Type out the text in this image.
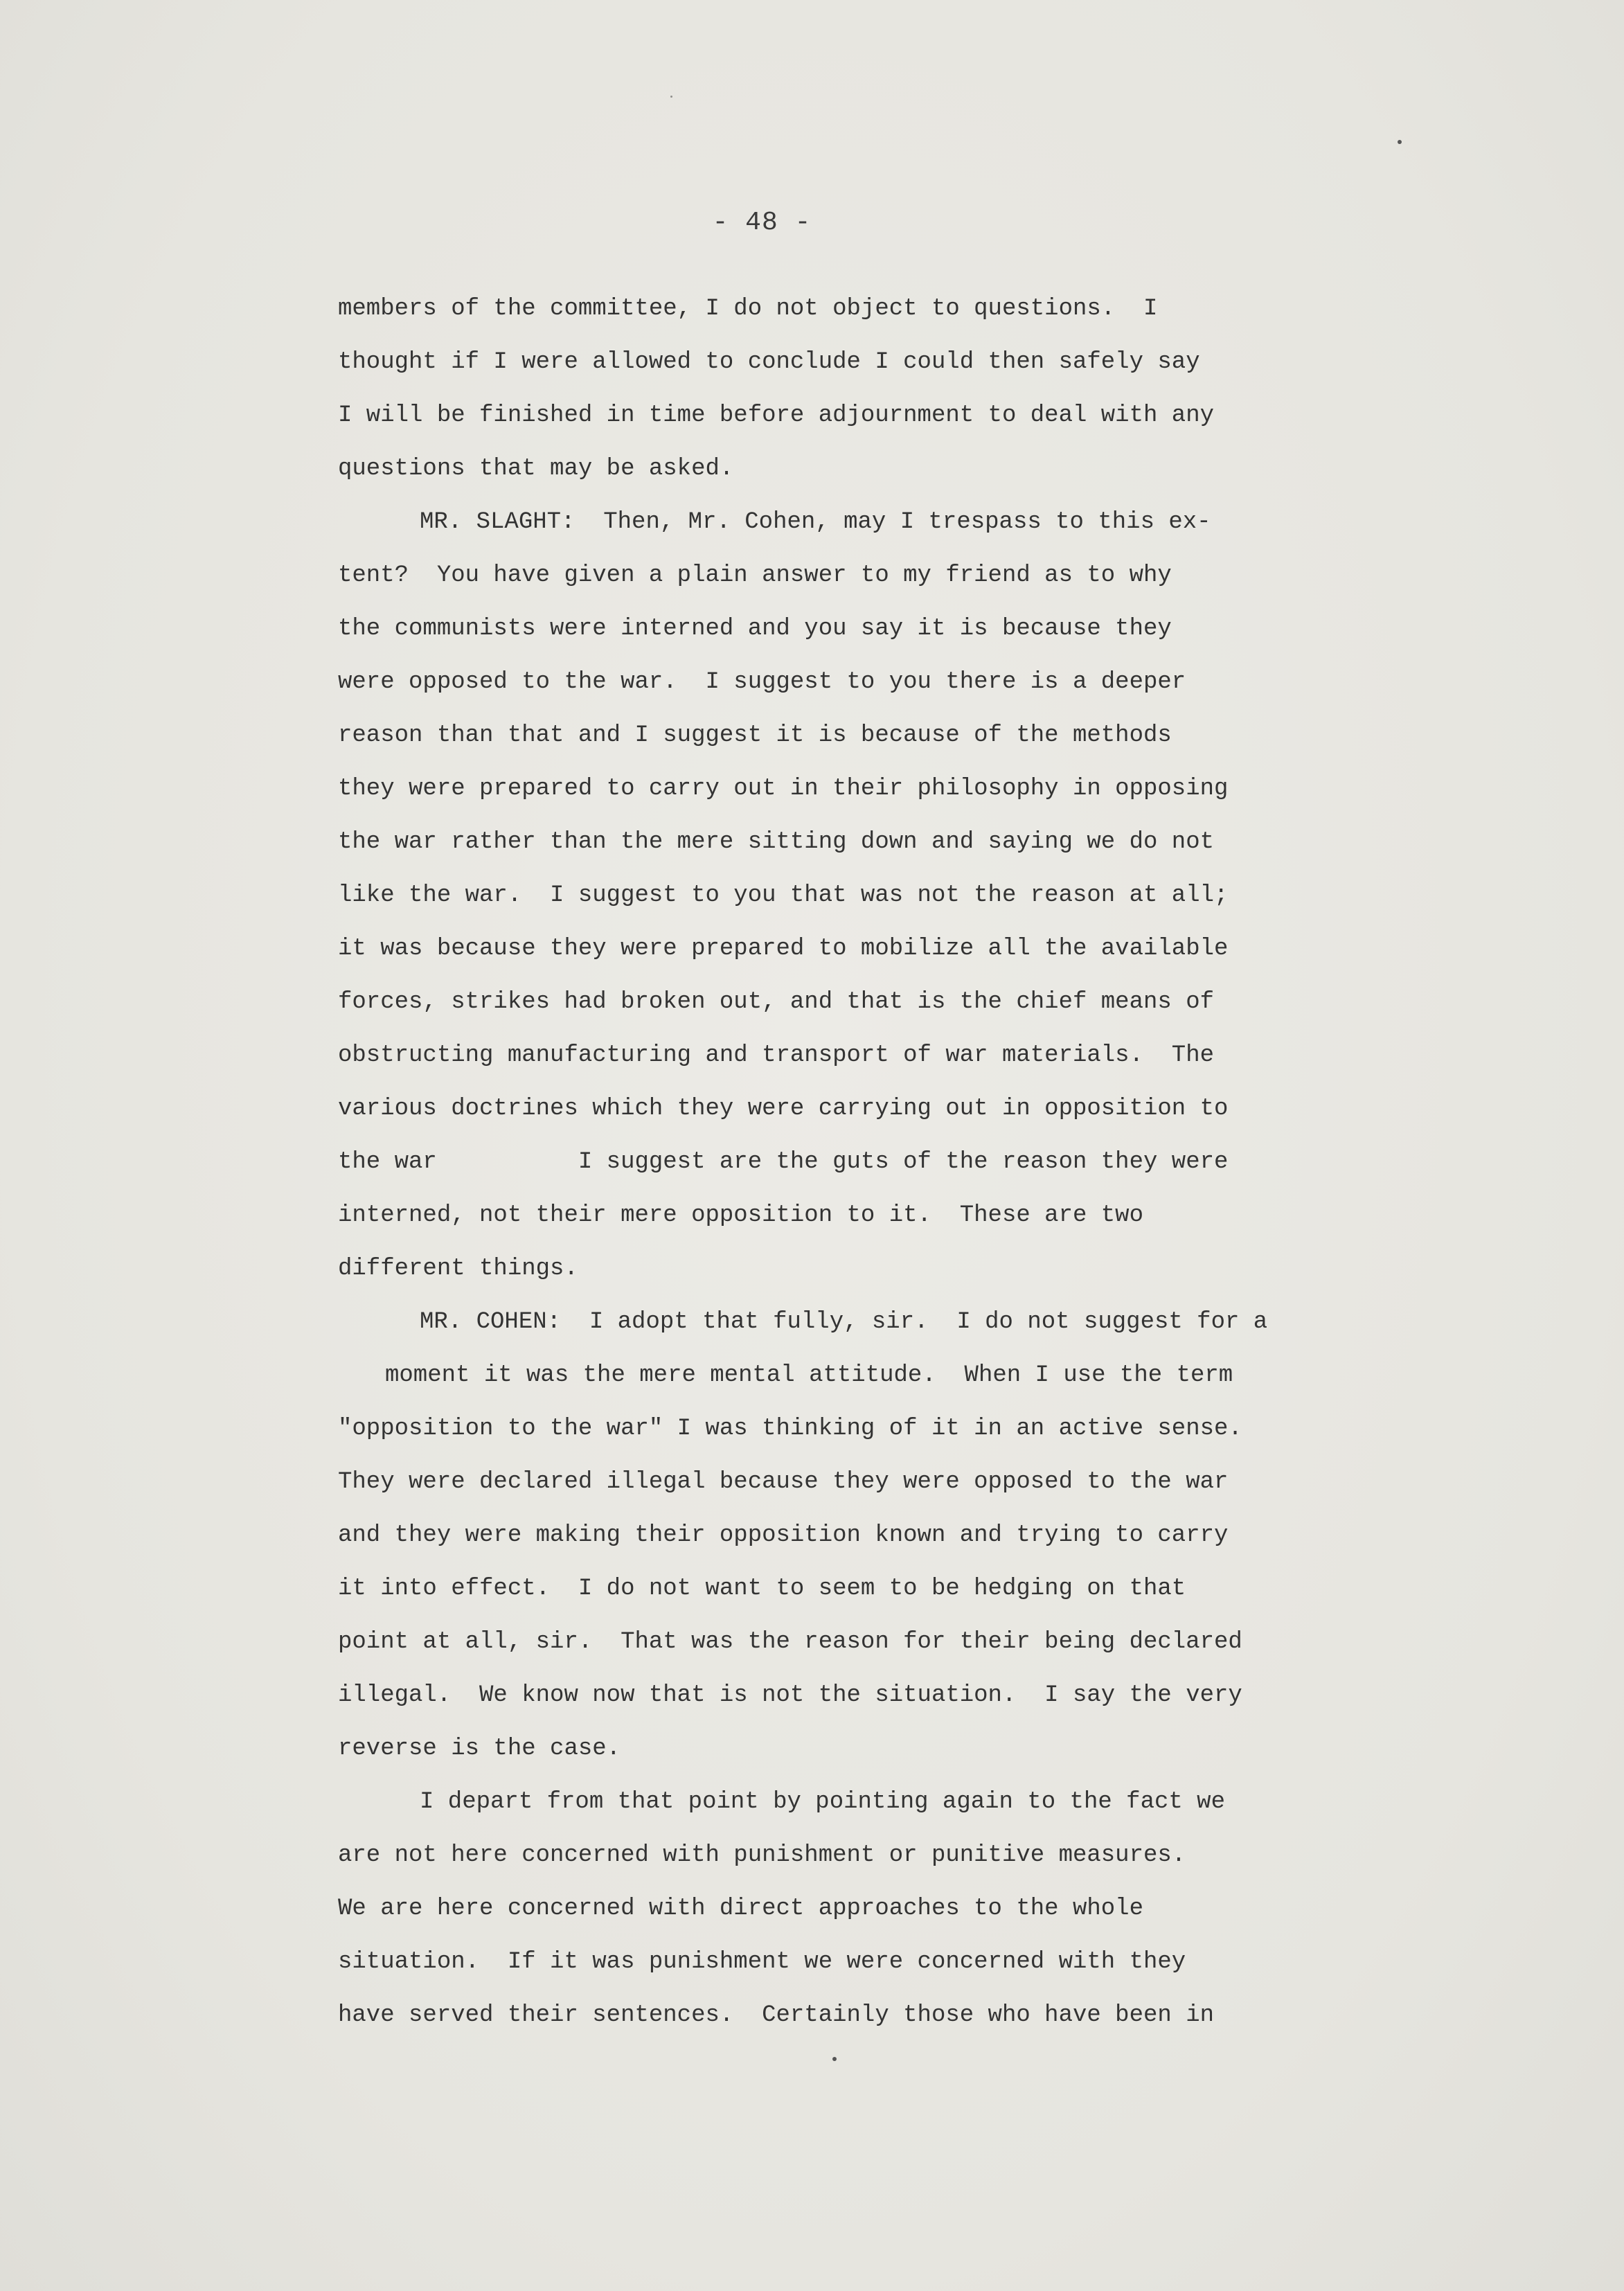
- 48 -
members of the committee, I do not object to questions.  I
thought if I were allowed to conclude I could then safely say
I will be finished in time before adjournment to deal with any
questions that may be asked.
MR. SLAGHT:  Then, Mr. Cohen, may I trespass to this ex-
tent?  You have given a plain answer to my friend as to why
the communists were interned and you say it is because they
were opposed to the war.  I suggest to you there is a deeper
reason than that and I suggest it is because of the methods
they were prepared to carry out in their philosophy in opposing
the war rather than the mere sitting down and saying we do not
like the war.  I suggest to you that was not the reason at all;
it was because they were prepared to mobilize all the available
forces, strikes had broken out, and that is the chief means of
obstructing manufacturing and transport of war materials.  The
various doctrines which they were carrying out in opposition to
the war          I suggest are the guts of the reason they were
interned, not their mere opposition to it.  These are two
different things.
MR. COHEN:  I adopt that fully, sir.  I do not suggest for a
moment it was the mere mental attitude.  When I use the term
"opposition to the war" I was thinking of it in an active sense.
They were declared illegal because they were opposed to the war
and they were making their opposition known and trying to carry
it into effect.  I do not want to seem to be hedging on that
point at all, sir.  That was the reason for their being declared
illegal.  We know now that is not the situation.  I say the very
reverse is the case.
I depart from that point by pointing again to the fact we
are not here concerned with punishment or punitive measures.
We are here concerned with direct approaches to the whole
situation.  If it was punishment we were concerned with they
have served their sentences.  Certainly those who have been in
